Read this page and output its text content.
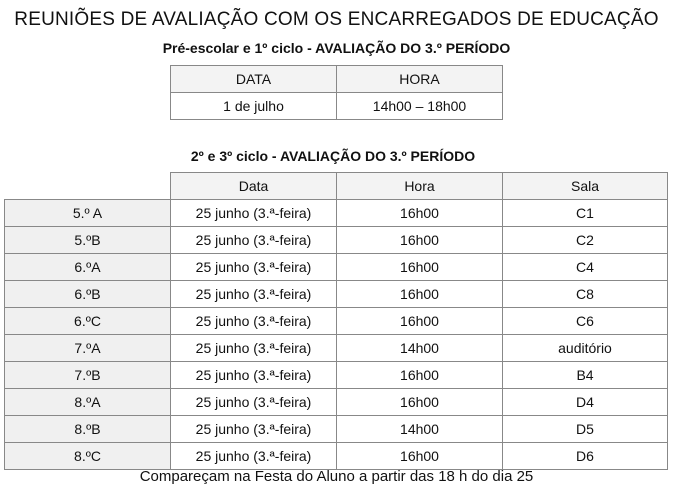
REUNIÕES DE AVALIAÇÃO COM OS ENCARREGADOS DE EDUCAÇÃO
Pré-escolar e 1º ciclo - AVALIAÇÃO DO 3.º PERÍODO
DATA	HORA
1 de julho	14h00 – 18h00
2º e 3º ciclo - AVALIAÇÃO DO 3.º PERÍODO
	Data	Hora	Sala
5.º A	25 junho (3.ª-feira)	16h00	C1
5.ºB	25 junho (3.ª-feira)	16h00	C2
6.ºA	25 junho (3.ª-feira)	16h00	C4
6.ºB	25 junho (3.ª-feira)	16h00	C8
6.ºC	25 junho (3.ª-feira)	16h00	C6
7.ºA	25 junho (3.ª-feira)	14h00	auditório
7.ºB	25 junho (3.ª-feira)	16h00	B4
8.ºA	25 junho (3.ª-feira)	16h00	D4
8.ºB	25 junho (3.ª-feira)	14h00	D5
8.ºC	25 junho (3.ª-feira)	16h00	D6
Compareçam na Festa do Aluno a partir das 18 h do dia 25
